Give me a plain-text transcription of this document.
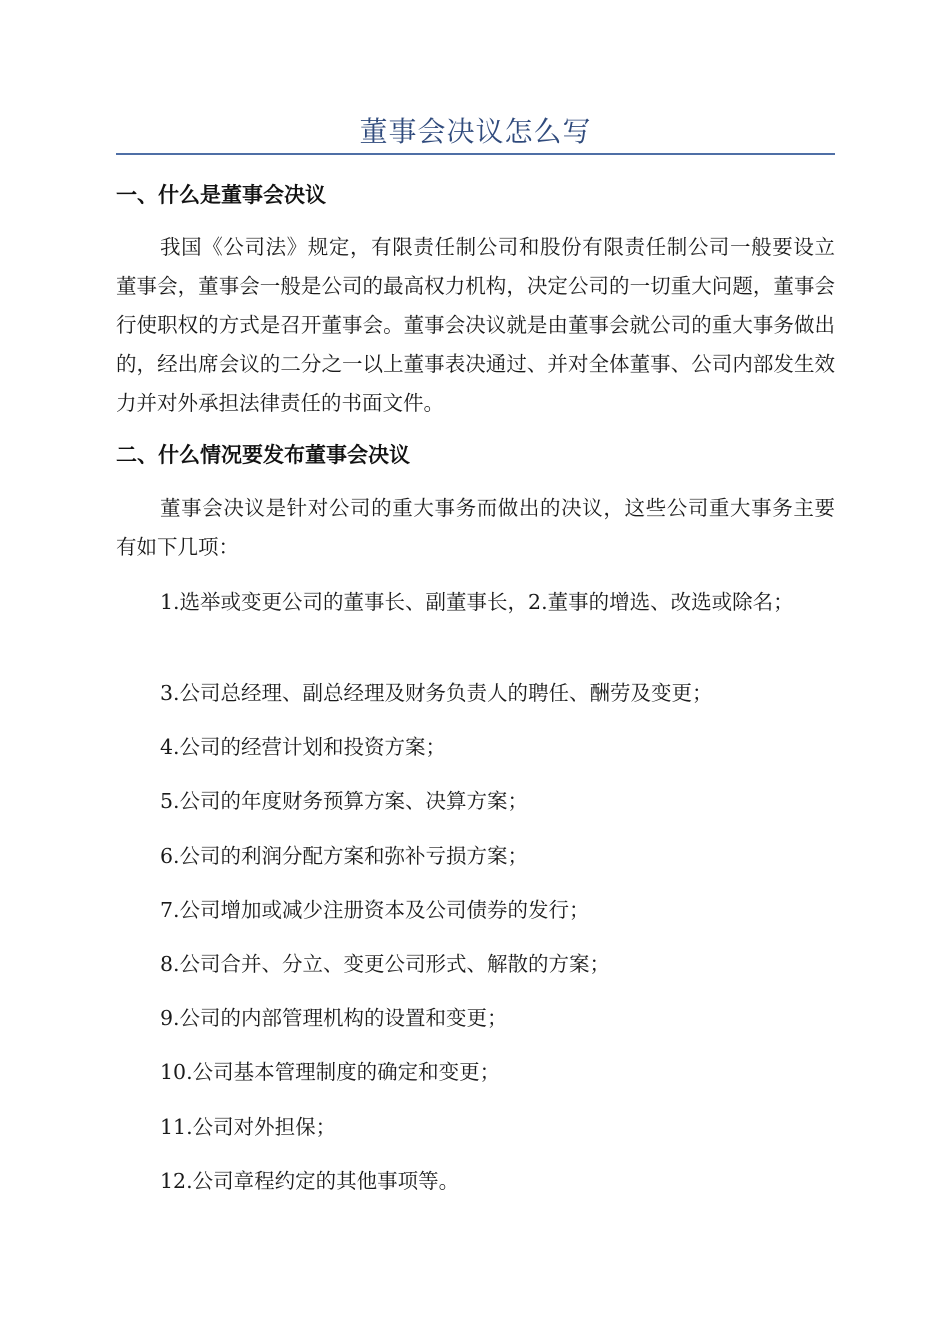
董事会决议怎么写
一、什么是董事会决议
我国《公司法》规定，有限责任制公司和股份有限责任制公司一般要设立董事会，董事会一般是公司的最高权力机构，决定公司的一切重大问题，董事会行使职权的方式是召开董事会。董事会决议就是由董事会就公司的重大事务做出的，经出席会议的二分之一以上董事表决通过、并对全体董事、公司内部发生效力并对外承担法律责任的书面文件。
二、什么情况要发布董事会决议
董事会决议是针对公司的重大事务而做出的决议，这些公司重大事务主要有如下几项：
1.选举或变更公司的董事长、副董事长，2.董事的增选、改选或除名；
3.公司总经理、副总经理及财务负责人的聘任、酬劳及变更；
4.公司的经营计划和投资方案；
5.公司的年度财务预算方案、决算方案；
6.公司的利润分配方案和弥补亏损方案；
7.公司增加或减少注册资本及公司债券的发行；
8.公司合并、分立、变更公司形式、解散的方案；
9.公司的内部管理机构的设置和变更；
10.公司基本管理制度的确定和变更；
11.公司对外担保；
12.公司章程约定的其他事项等。
